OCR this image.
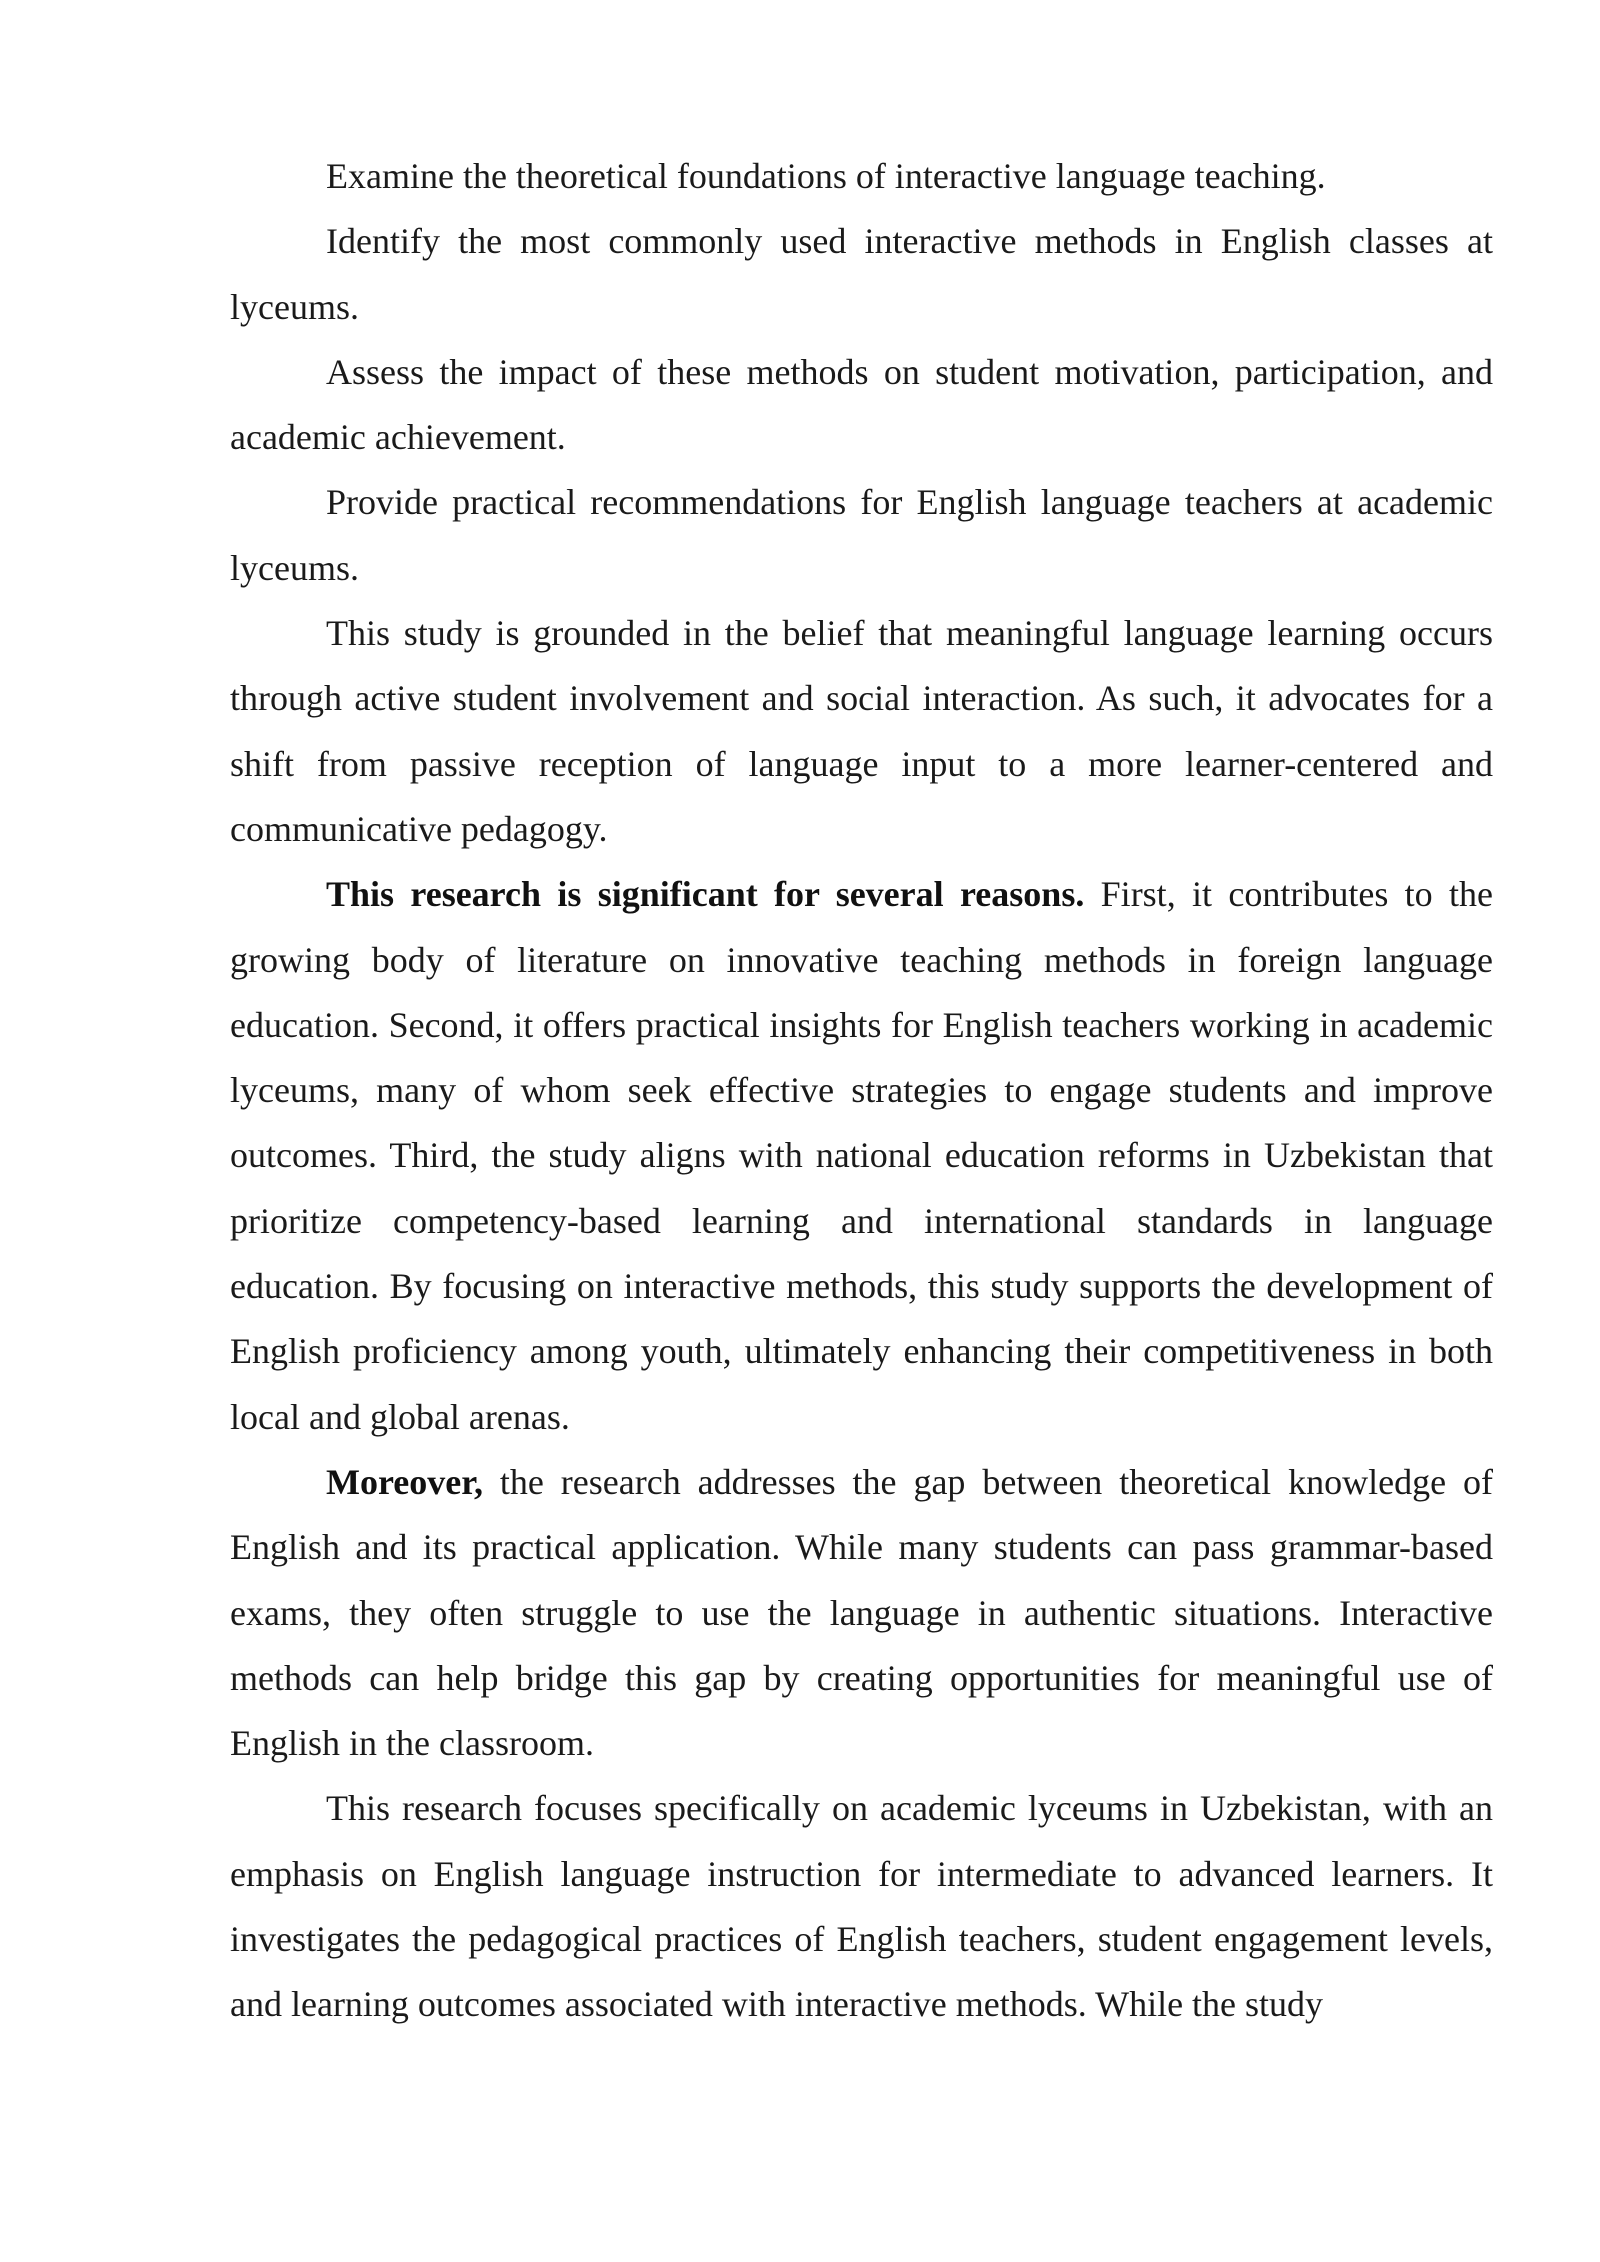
Examine the theoretical foundations of interactive language teaching.

Identify the most commonly used interactive methods in English classes at lyceums.

Assess the impact of these methods on student motivation, participation, and academic achievement.

Provide practical recommendations for English language teachers at academic lyceums.

This study is grounded in the belief that meaningful language learning occurs through active student involvement and social interaction. As such, it advocates for a shift from passive reception of language input to a more learner-centered and communicative pedagogy.

This research is significant for several reasons. First, it contributes to the growing body of literature on innovative teaching methods in foreign language education. Second, it offers practical insights for English teachers working in academic lyceums, many of whom seek effective strategies to engage students and improve outcomes. Third, the study aligns with national education reforms in Uzbekistan that prioritize competency-based learning and international standards in language education. By focusing on interactive methods, this study supports the development of English proficiency among youth, ultimately enhancing their competitiveness in both local and global arenas.

Moreover, the research addresses the gap between theoretical knowledge of English and its practical application. While many students can pass grammar-based exams, they often struggle to use the language in authentic situations. Interactive methods can help bridge this gap by creating opportunities for meaningful use of English in the classroom.

This research focuses specifically on academic lyceums in Uzbekistan, with an emphasis on English language instruction for intermediate to advanced learners. It investigates the pedagogical practices of English teachers, student engagement levels, and learning outcomes associated with interactive methods. While the study
